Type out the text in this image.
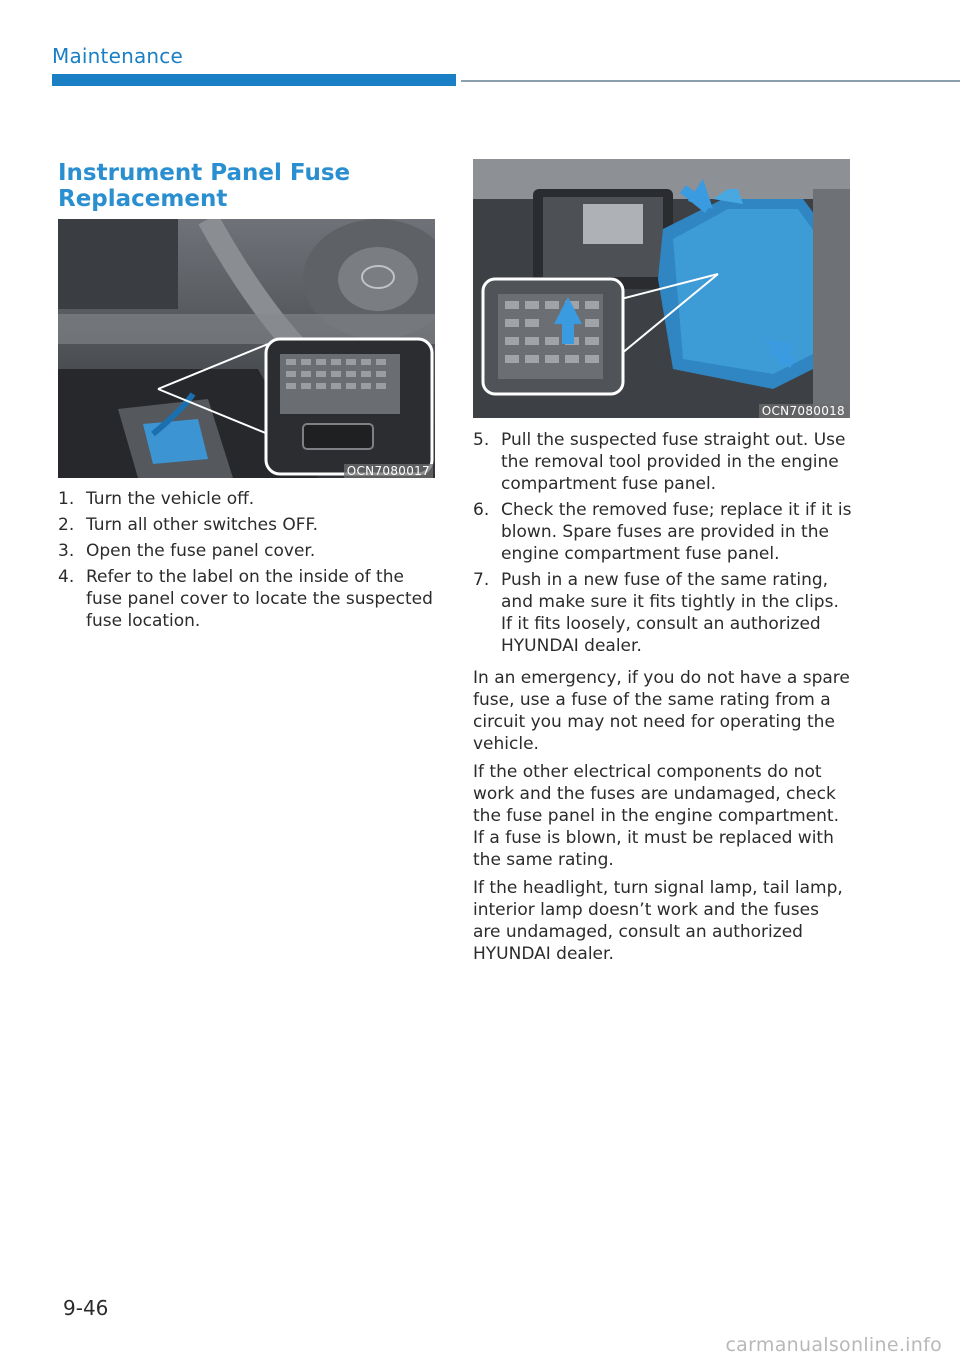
Maintenance
Instrument Panel Fuse Replacement
OCN7080017
1. Turn the vehicle off.
2. Turn all other switches OFF.
3. Open the fuse panel cover.
4. Refer to the label on the inside of the fuse panel cover to locate the suspected fuse location.
OCN7080018
5. Pull the suspected fuse straight out. Use the removal tool provided in the engine compartment fuse panel.
6. Check the removed fuse; replace it if it is blown. Spare fuses are provided in the engine compartment fuse panel.
7. Push in a new fuse of the same rating, and make sure it fits tightly in the clips. If it fits loosely, consult an authorized HYUNDAI dealer.

In an emergency, if you do not have a spare fuse, use a fuse of the same rating from a circuit you may not need for operating the vehicle.

If the other electrical components do not work and the fuses are undamaged, check the fuse panel in the engine compartment. If a fuse is blown, it must be replaced with the same rating.

If the headlight, turn signal lamp, tail lamp, interior lamp doesn’t work and the fuses are undamaged, consult an authorized HYUNDAI dealer.

9-46
carmanualsonline.info
